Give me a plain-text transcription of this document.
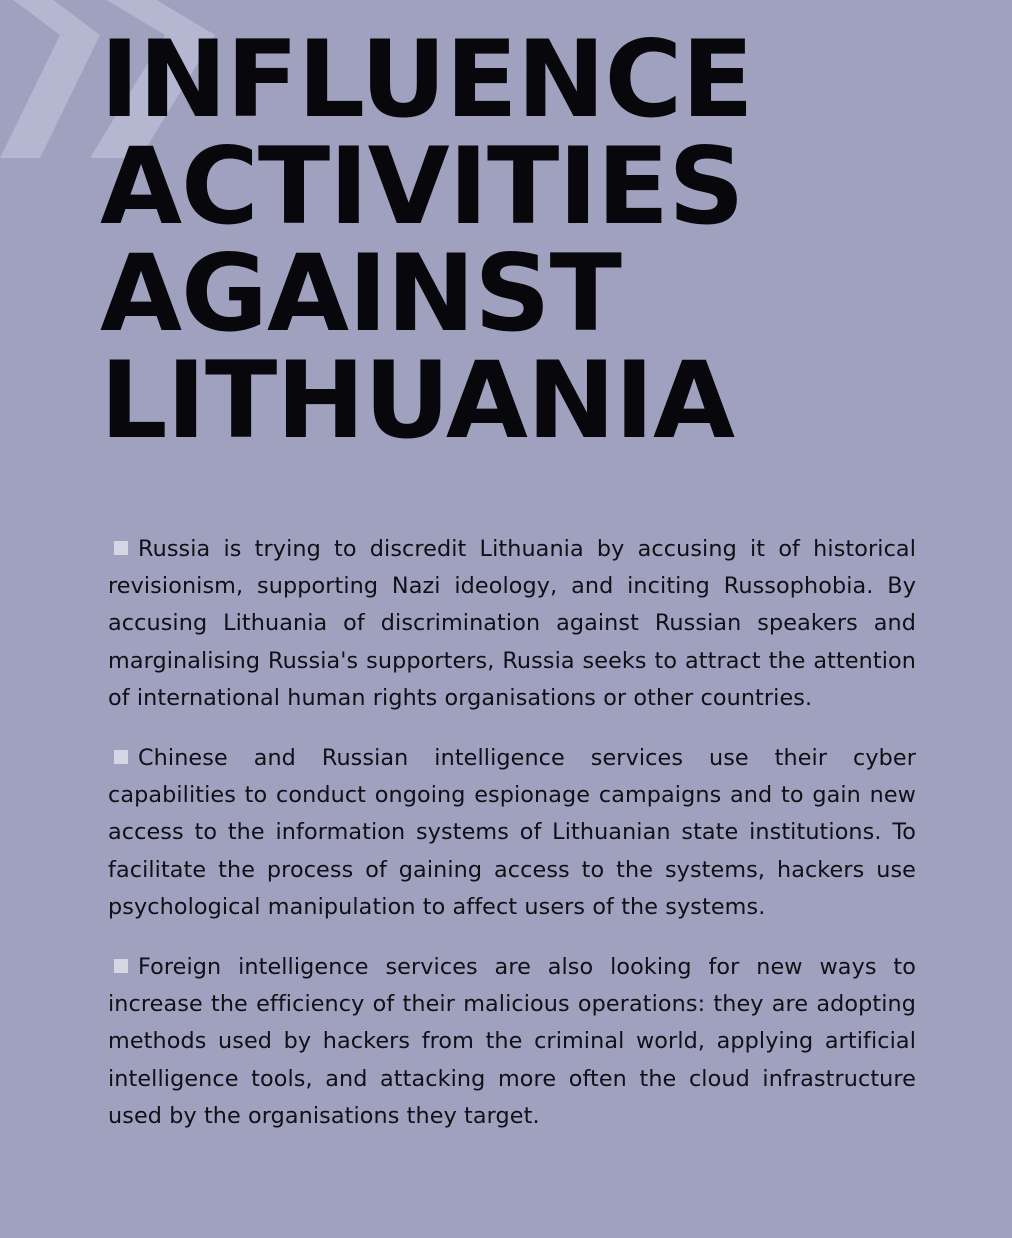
INFLUENCE
ACTIVITIES
AGAINST
LITHUANIA

Russia is trying to discredit Lithuania by accusing it of historical revisionism, supporting Nazi ideology, and inciting Russophobia. By accusing Lithuania of discrimination against Russian speakers and marginalising Russia's supporters, Russia seeks to attract the attention of international human rights organisations or other countries.

Chinese and Russian intelligence services use their cyber capabilities to conduct ongoing espionage campaigns and to gain new access to the information systems of Lithuanian state institutions. To facilitate the process of gaining access to the systems, hackers use psychological manipulation to affect users of the systems.

Foreign intelligence services are also looking for new ways to increase the efficiency of their malicious operations: they are adopting methods used by hackers from the criminal world, applying artificial intelligence tools, and attacking more often the cloud infrastructure used by the organisations they target.
